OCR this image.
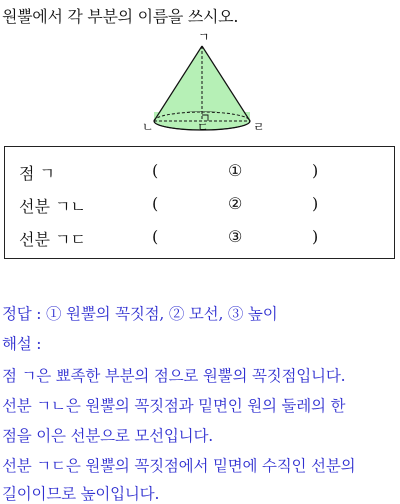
원뿔에서 각 부분의 이름을 쓰시오.
ㄱ
ㄴ	ㄷ	ㄹ
점 ㄱ	(	①	)
선분 ㄱㄴ	(	②	)
선분 ㄱㄷ	(	③	)
정답 : ① 원뿔의 꼭짓점, ② 모선, ③ 높이
해설 :
점 ㄱ은 뾰족한 부분의 점으로 원뿔의 꼭짓점입니다.
선분 ㄱㄴ은 원뿔의 꼭짓점과 밑면인 원의 둘레의 한
점을 이은 선분으로 모선입니다.
선분 ㄱㄷ은 원뿔의 꼭짓점에서 밑면에 수직인 선분의
길이이므로 높이입니다.
